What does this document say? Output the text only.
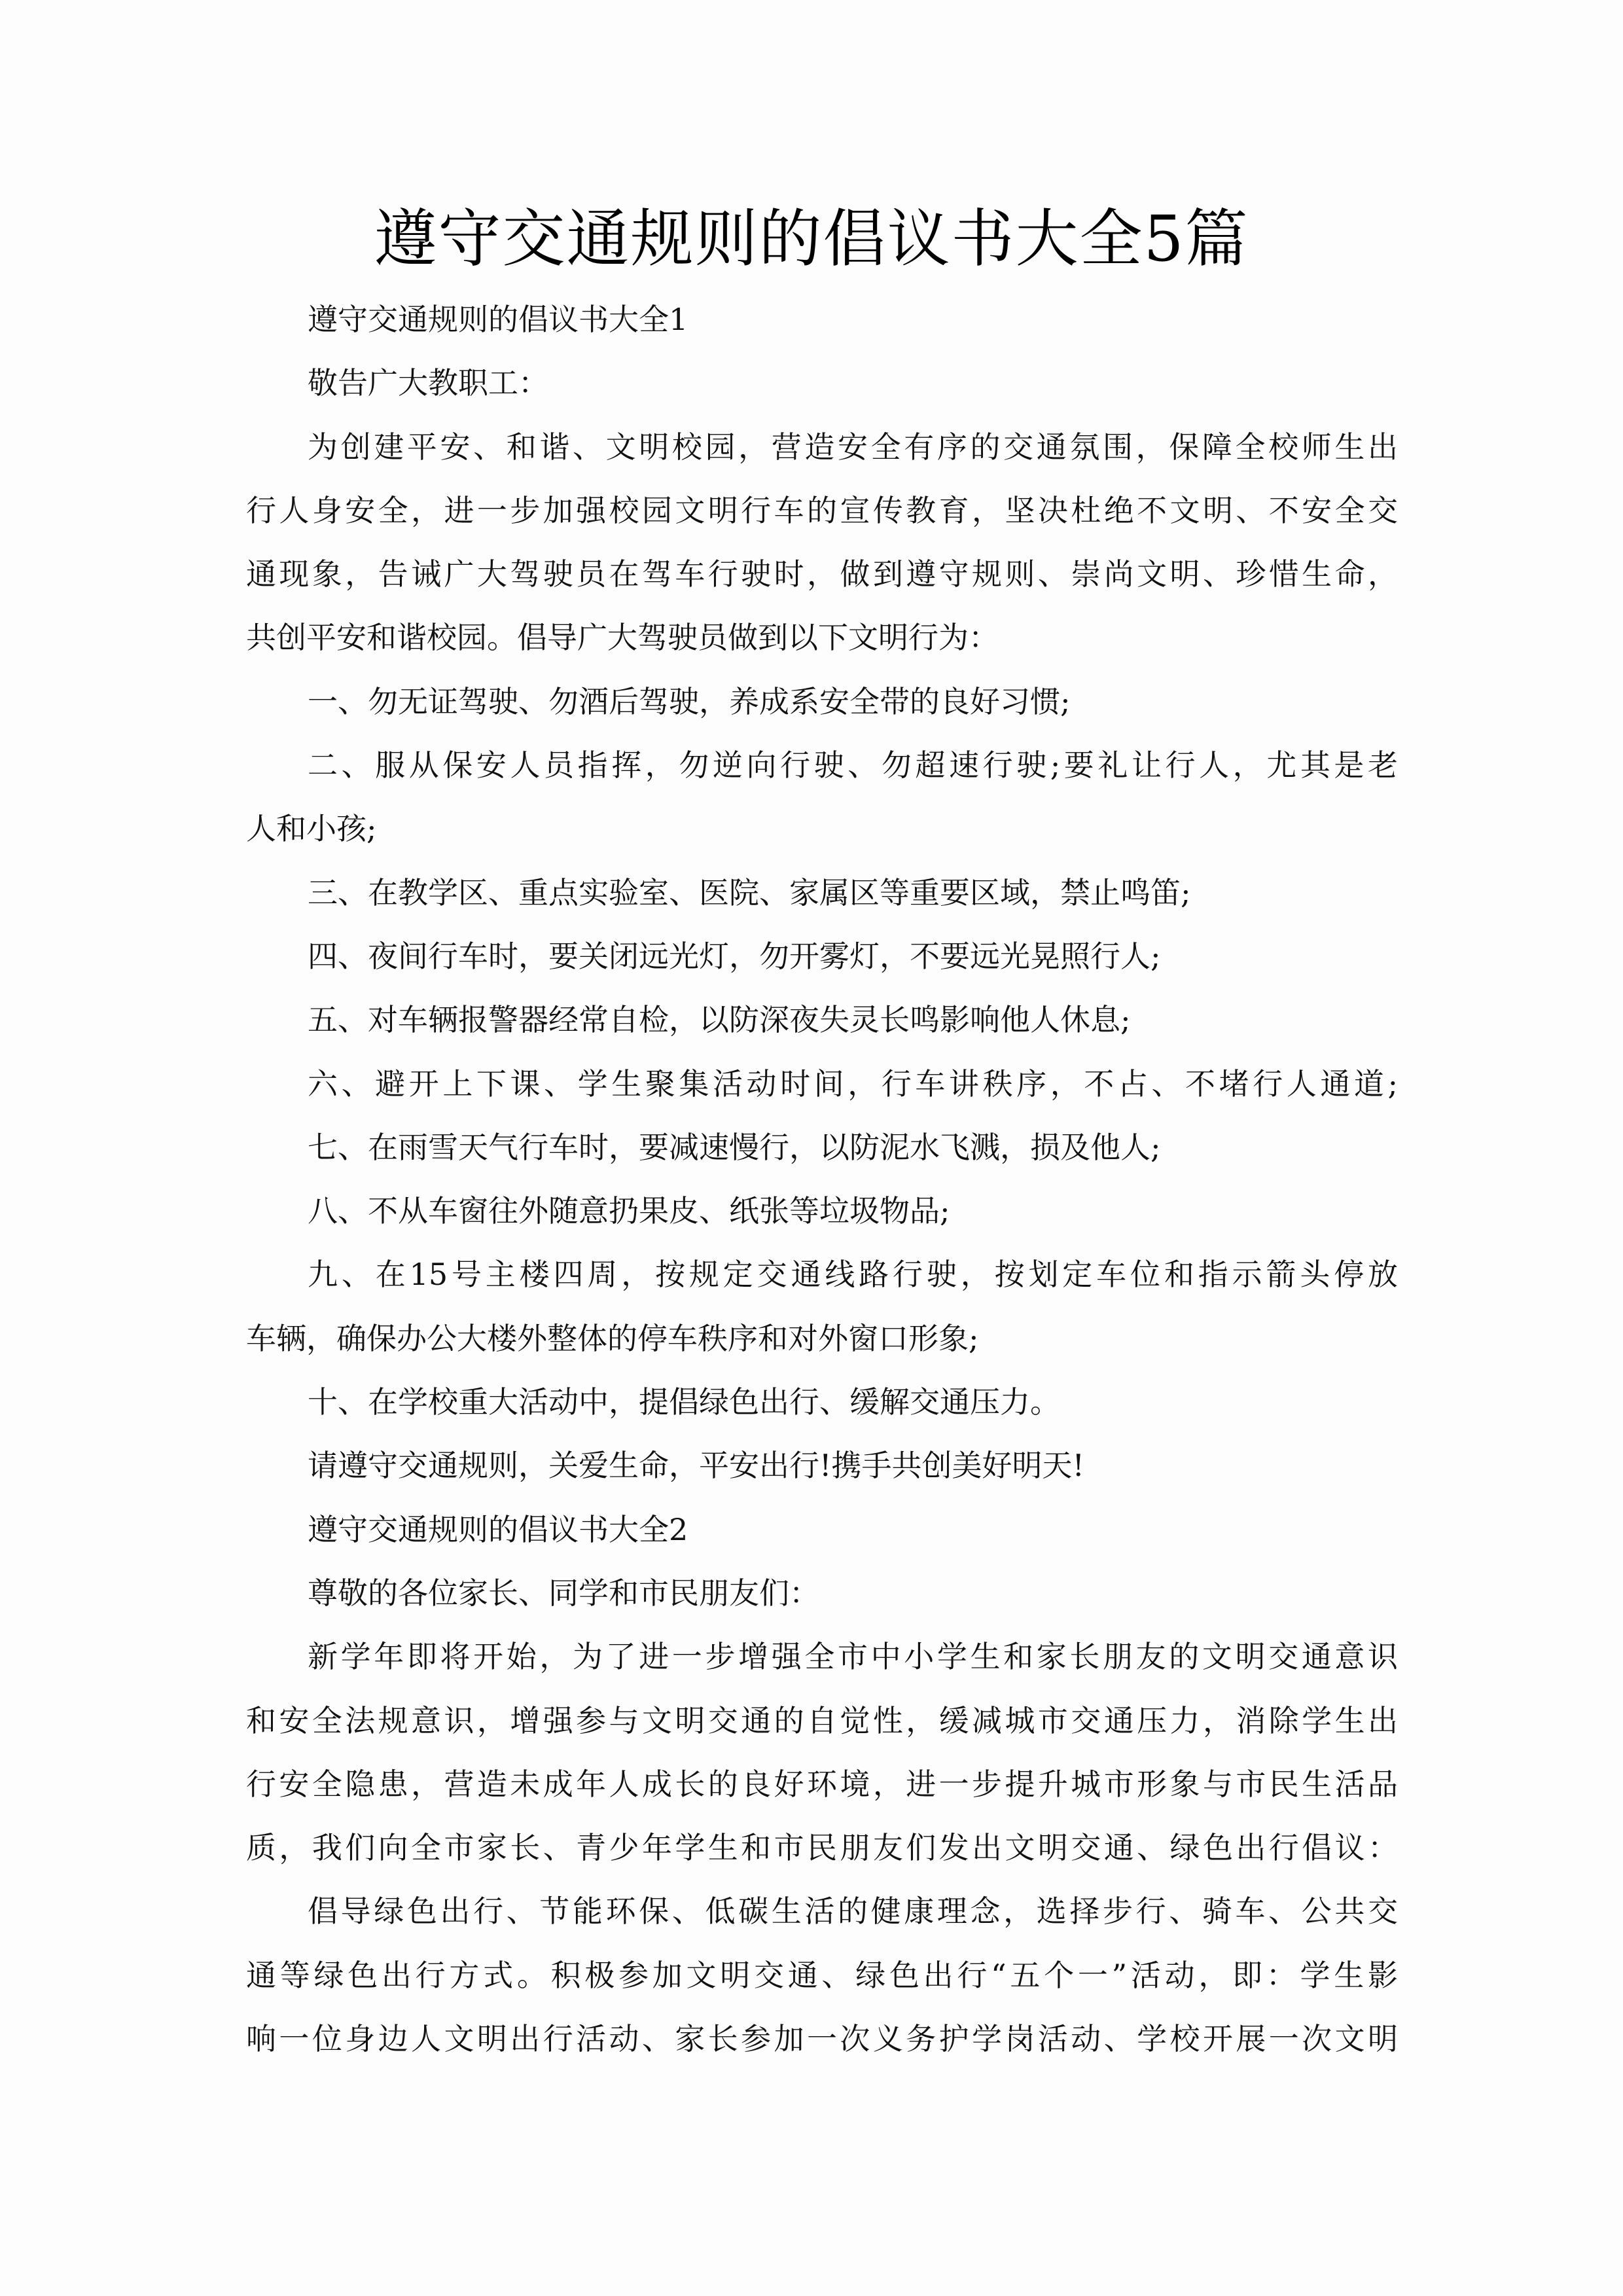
遵守交通规则的倡议书大全5篇
遵守交通规则的倡议书大全1
敬告广大教职工：
为创建平安、和谐、文明校园，营造安全有序的交通氛围，保障全校师生出
行人身安全，进一步加强校园文明行车的宣传教育，坚决杜绝不文明、不安全交
通现象，告诫广大驾驶员在驾车行驶时，做到遵守规则、崇尚文明、珍惜生命，
共创平安和谐校园。倡导广大驾驶员做到以下文明行为：
一、勿无证驾驶、勿酒后驾驶，养成系安全带的良好习惯;
二、服从保安人员指挥，勿逆向行驶、勿超速行驶;要礼让行人，尤其是老
人和小孩;
三、在教学区、重点实验室、医院、家属区等重要区域，禁止鸣笛;
四、夜间行车时，要关闭远光灯，勿开雾灯，不要远光晃照行人;
五、对车辆报警器经常自检，以防深夜失灵长鸣影响他人休息;
六、避开上下课、学生聚集活动时间，行车讲秩序，不占、不堵行人通道;
七、在雨雪天气行车时，要减速慢行，以防泥水飞溅，损及他人;
八、不从车窗往外随意扔果皮、纸张等垃圾物品;
九、在15号主楼四周，按规定交通线路行驶，按划定车位和指示箭头停放
车辆，确保办公大楼外整体的停车秩序和对外窗口形象;
十、在学校重大活动中，提倡绿色出行、缓解交通压力。
请遵守交通规则，关爱生命，平安出行!携手共创美好明天!
遵守交通规则的倡议书大全2
尊敬的各位家长、同学和市民朋友们：
新学年即将开始，为了进一步增强全市中小学生和家长朋友的文明交通意识
和安全法规意识，增强参与文明交通的自觉性，缓减城市交通压力，消除学生出
行安全隐患，营造未成年人成长的良好环境，进一步提升城市形象与市民生活品
质，我们向全市家长、青少年学生和市民朋友们发出文明交通、绿色出行倡议：
倡导绿色出行、节能环保、低碳生活的健康理念，选择步行、骑车、公共交
通等绿色出行方式。积极参加文明交通、绿色出行“五个一”活动，即：学生影
响一位身边人文明出行活动、家长参加一次义务护学岗活动、学校开展一次文明
